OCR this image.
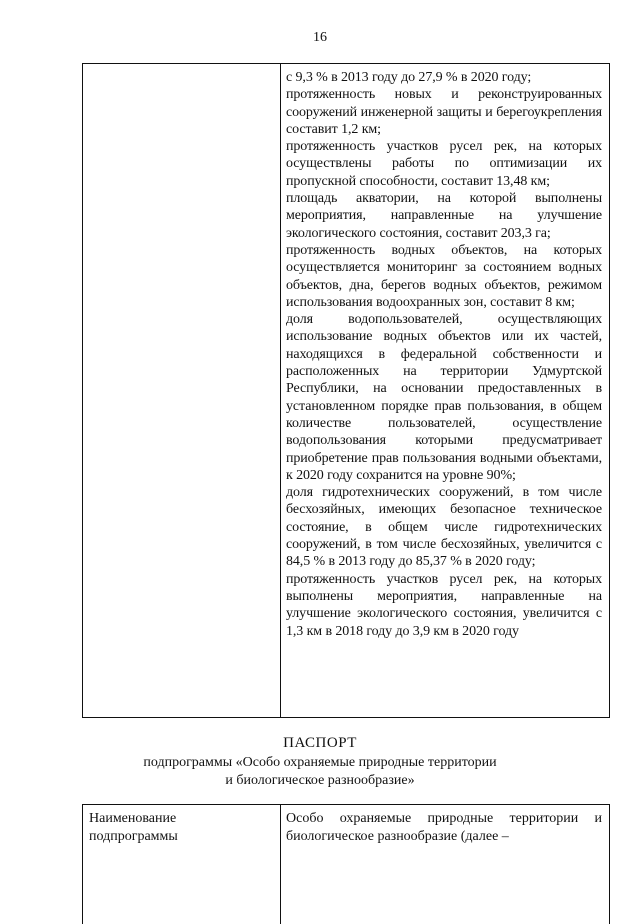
16

с 9,3 % в 2013 году до 27,9 % в 2020 году;

протяженность новых и реконструированных сооружений инженерной защиты и берегоукрепления составит 1,2 км;

протяженность участков русел рек, на которых осуществлены работы по оптимизации их пропускной способности, составит 13,48 км;

площадь акватории, на которой выполнены мероприятия, направленные на улучшение экологического состояния, составит 203,3 га;

протяженность водных объектов, на которых осуществляется мониторинг за состоянием водных объектов, дна, берегов водных объектов, режимом использования водоохранных зон, составит 8 км;

доля водопользователей, осуществляющих использование водных объектов или их частей, находящихся в федеральной собственности и расположенных на территории Удмуртской Республики, на основании предоставленных в установленном порядке прав пользования, в общем количестве пользователей, осуществление водопользования которыми предусматривает приобретение прав пользования водными объектами, к 2020 году сохранится на уровне 90%;

доля гидротехнических сооружений, в том числе бесхозяйных, имеющих безопасное техническое состояние, в общем числе гидротехнических сооружений, в том числе бесхозяйных, увеличится с 84,5 % в 2013 году до 85,37 % в 2020 году;

протяженность участков русел рек, на которых выполнены мероприятия, направленные на улучшение экологического состояния, увеличится с 1,3 км в 2018 году до 3,9 км в 2020 году

ПАСПОРТ
подпрограммы «Особо охраняемые природные территории
и биологическое разнообразие»
Наименование
подпрограммы
Особо охраняемые природные территории и биологическое разнообразие (далее –
